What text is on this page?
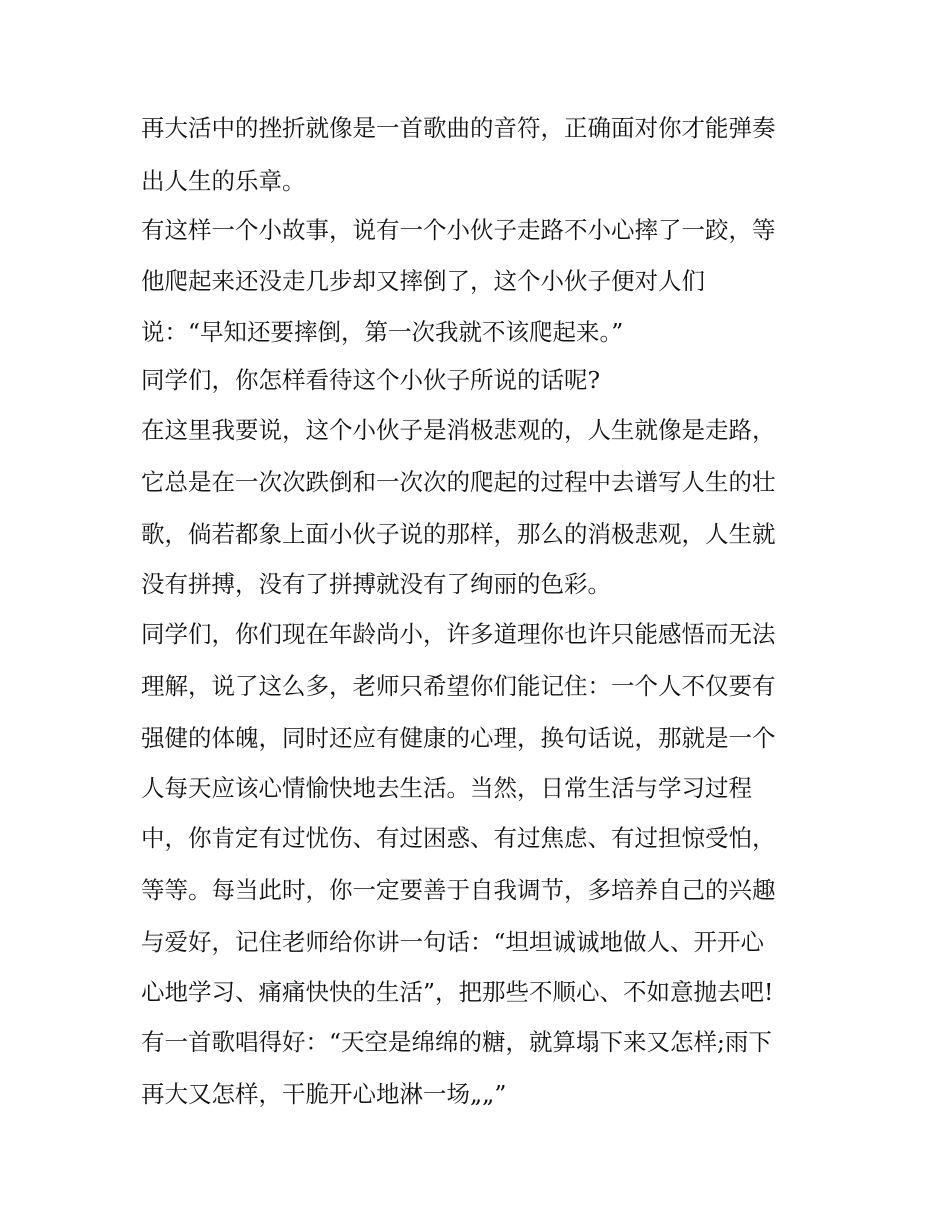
再大活中的挫折就像是一首歌曲的音符，正确面对你才能弹奏
出人生的乐章。
有这样一个小故事，说有一个小伙子走路不小心摔了一跤，等
他爬起来还没走几步却又摔倒了，这个小伙子便对人们
说：“早知还要摔倒，第一次我就不该爬起来。”
同学们，你怎样看待这个小伙子所说的话呢?
在这里我要说，这个小伙子是消极悲观的，人生就像是走路，
它总是在一次次跌倒和一次次的爬起的过程中去谱写人生的壮
歌，倘若都象上面小伙子说的那样，那么的消极悲观，人生就
没有拼搏，没有了拼搏就没有了绚丽的色彩。
同学们，你们现在年龄尚小，许多道理你也许只能感悟而无法
理解，说了这么多，老师只希望你们能记住：一个人不仅要有
强健的体魄，同时还应有健康的心理，换句话说，那就是一个
人每天应该心情愉快地去生活。当然，日常生活与学习过程
中，你肯定有过忧伤、有过困惑、有过焦虑、有过担惊受怕，
等等。每当此时，你一定要善于自我调节，多培养自己的兴趣
与爱好，记住老师给你讲一句话：“坦坦诚诚地做人、开开心
心地学习、痛痛快快的生活”，把那些不顺心、不如意抛去吧!
有一首歌唱得好：“天空是绵绵的糖，就算塌下来又怎样;雨下
再大又怎样，干脆开心地淋一场„„”
